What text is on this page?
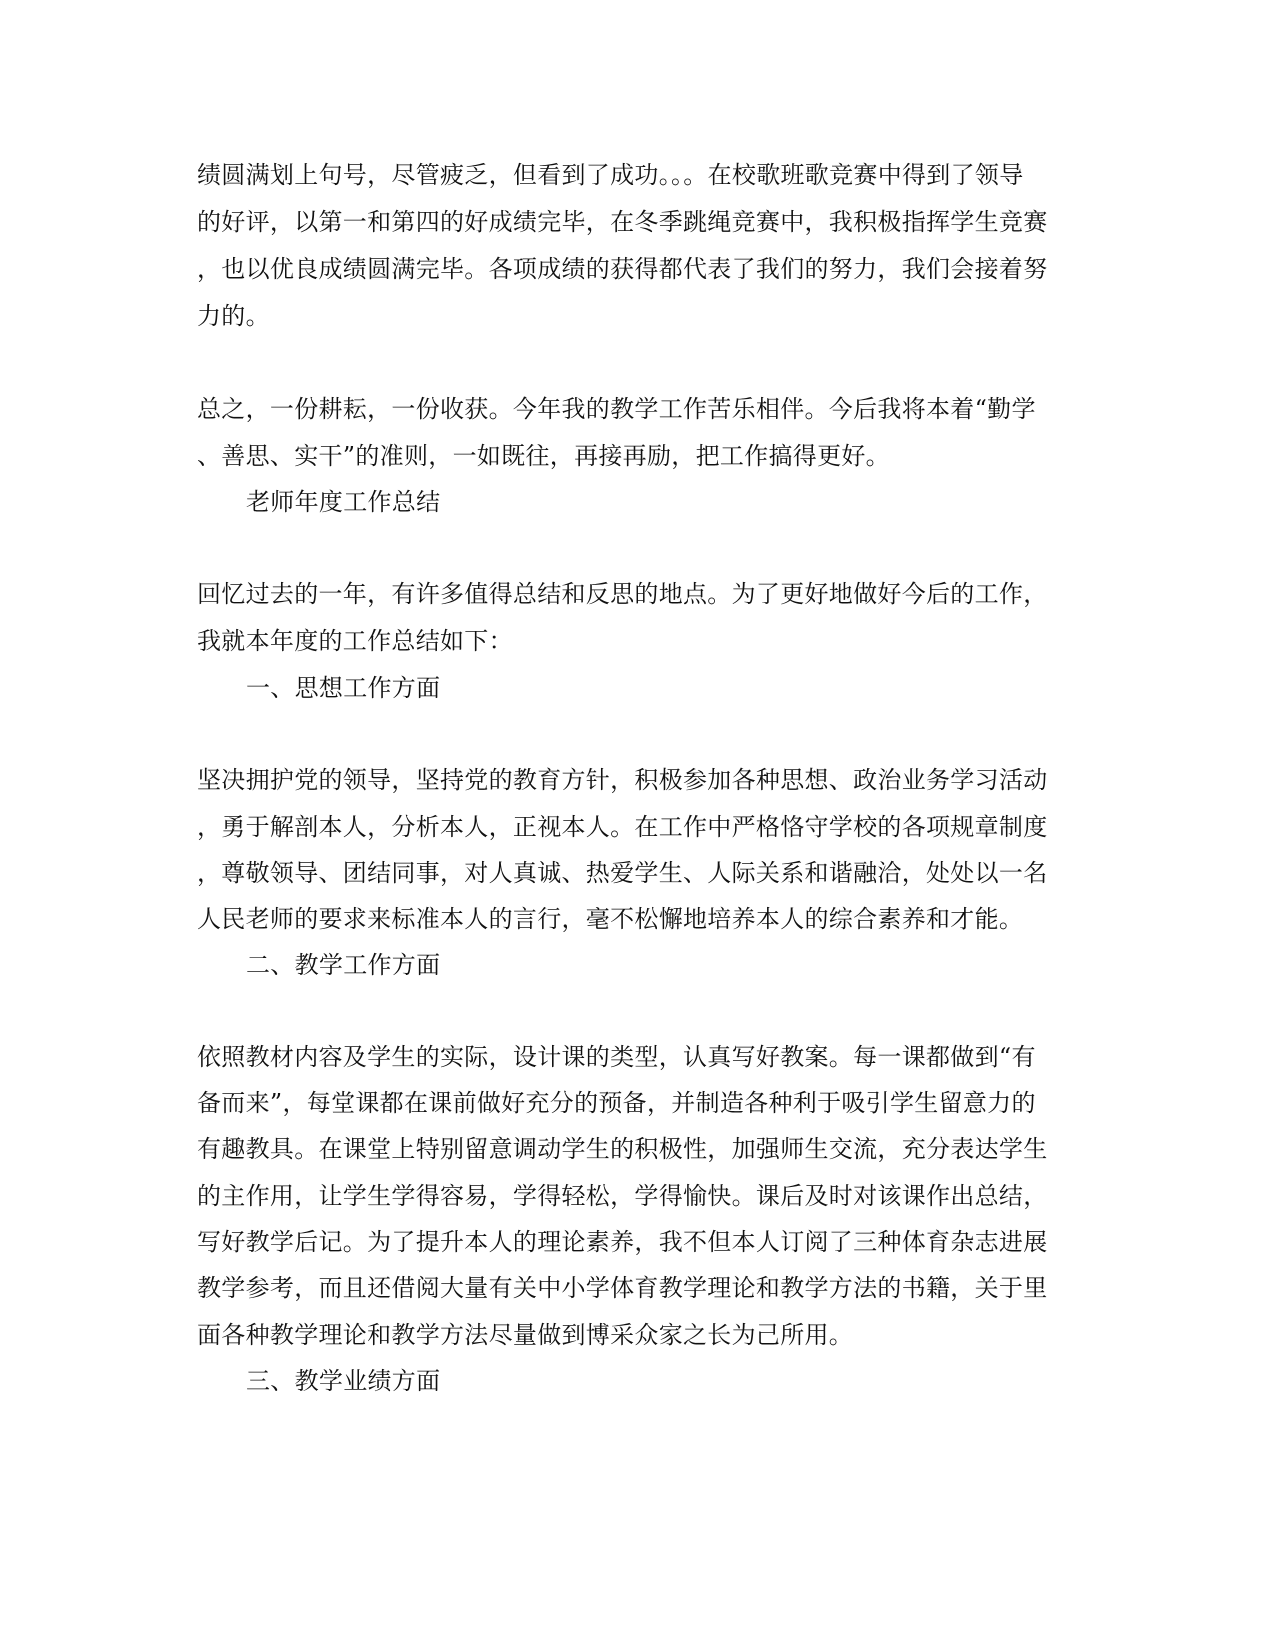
绩圆满划上句号，尽管疲乏，但看到了成功。。。在校歌班歌竞赛中得到了领导
的好评，以第一和第四的好成绩完毕，在冬季跳绳竞赛中，我积极指挥学生竞赛
，也以优良成绩圆满完毕。各项成绩的获得都代表了我们的努力，我们会接着努
力的。
总之，一份耕耘，一份收获。今年我的教学工作苦乐相伴。今后我将本着“勤学
、善思、实干”的准则，一如既往，再接再励，把工作搞得更好。
老师年度工作总结
回忆过去的一年，有许多值得总结和反思的地点。为了更好地做好今后的工作，
我就本年度的工作总结如下：
一、思想工作方面
坚决拥护党的领导，坚持党的教育方针，积极参加各种思想、政治业务学习活动
，勇于解剖本人，分析本人，正视本人。在工作中严格恪守学校的各项规章制度
，尊敬领导、团结同事，对人真诚、热爱学生、人际关系和谐融洽，处处以一名
人民老师的要求来标准本人的言行，毫不松懈地培养本人的综合素养和才能。
二、教学工作方面
依照教材内容及学生的实际，设计课的类型，认真写好教案。每一课都做到“有
备而来”，每堂课都在课前做好充分的预备，并制造各种利于吸引学生留意力的
有趣教具。在课堂上特别留意调动学生的积极性，加强师生交流，充分表达学生
的主作用，让学生学得容易，学得轻松，学得愉快。课后及时对该课作出总结，
写好教学后记。为了提升本人的理论素养，我不但本人订阅了三种体育杂志进展
教学参考，而且还借阅大量有关中小学体育教学理论和教学方法的书籍，关于里
面各种教学理论和教学方法尽量做到博采众家之长为己所用。
三、教学业绩方面
